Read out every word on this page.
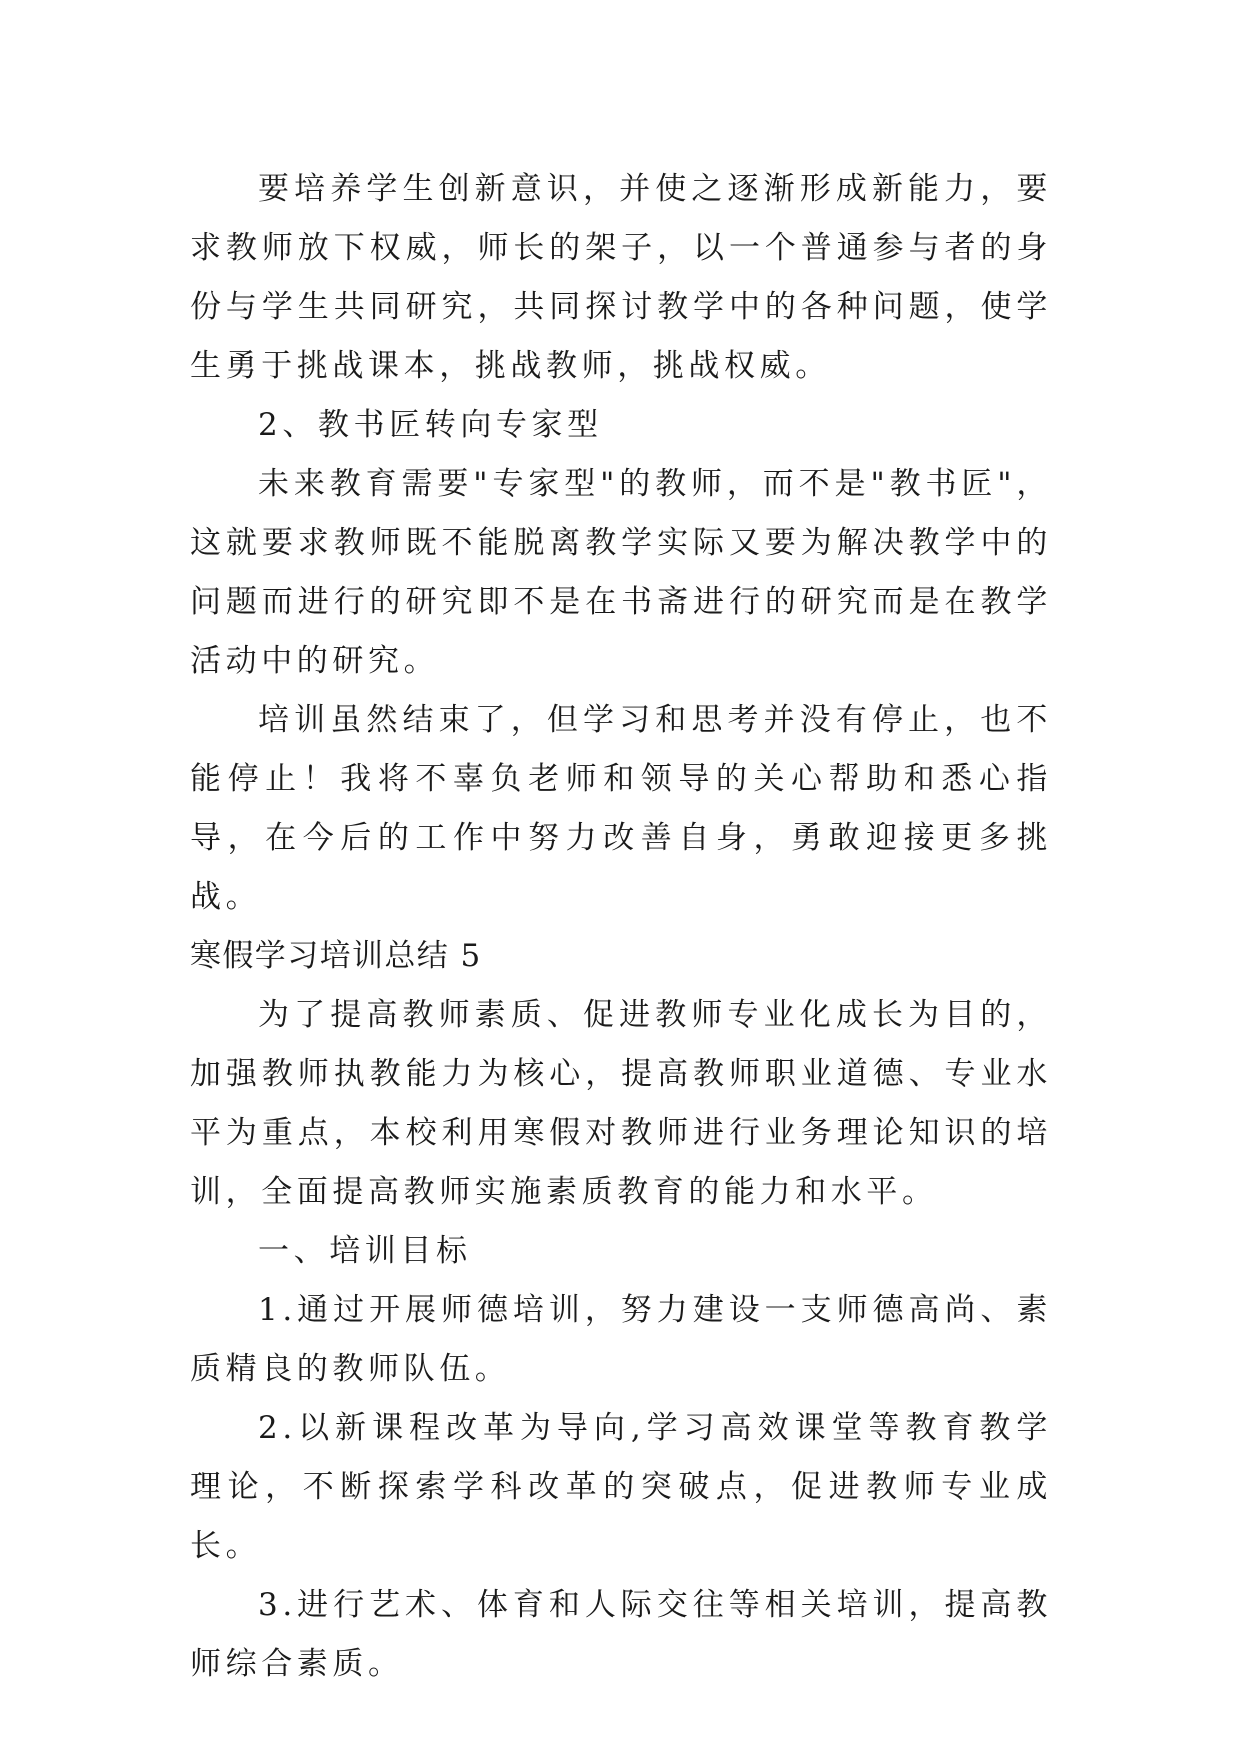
要培养学生创新意识，并使之逐渐形成新能力，要求教师放下权威，师长的架子，以一个普通参与者的身份与学生共同研究，共同探讨教学中的各种问题，使学生勇于挑战课本，挑战教师，挑战权威。

2、教书匠转向专家型

未来教育需要"专家型"的教师，而不是"教书匠"，这就要求教师既不能脱离教学实际又要为解决教学中的问题而进行的研究即不是在书斋进行的研究而是在教学活动中的研究。

培训虽然结束了，但学习和思考并没有停止，也不能停止！我将不辜负老师和领导的关心帮助和悉心指导，在今后的工作中努力改善自身，勇敢迎接更多挑战。

寒假学习培训总结 5

为了提高教师素质、促进教师专业化成长为目的，加强教师执教能力为核心，提高教师职业道德、专业水平为重点，本校利用寒假对教师进行业务理论知识的培训，全面提高教师实施素质教育的能力和水平。

一、培训目标

1.通过开展师德培训，努力建设一支师德高尚、素质精良的教师队伍。

2.以新课程改革为导向,学习高效课堂等教育教学理论，不断探索学科改革的突破点，促进教师专业成长。

3.进行艺术、体育和人际交往等相关培训，提高教师综合素质。
